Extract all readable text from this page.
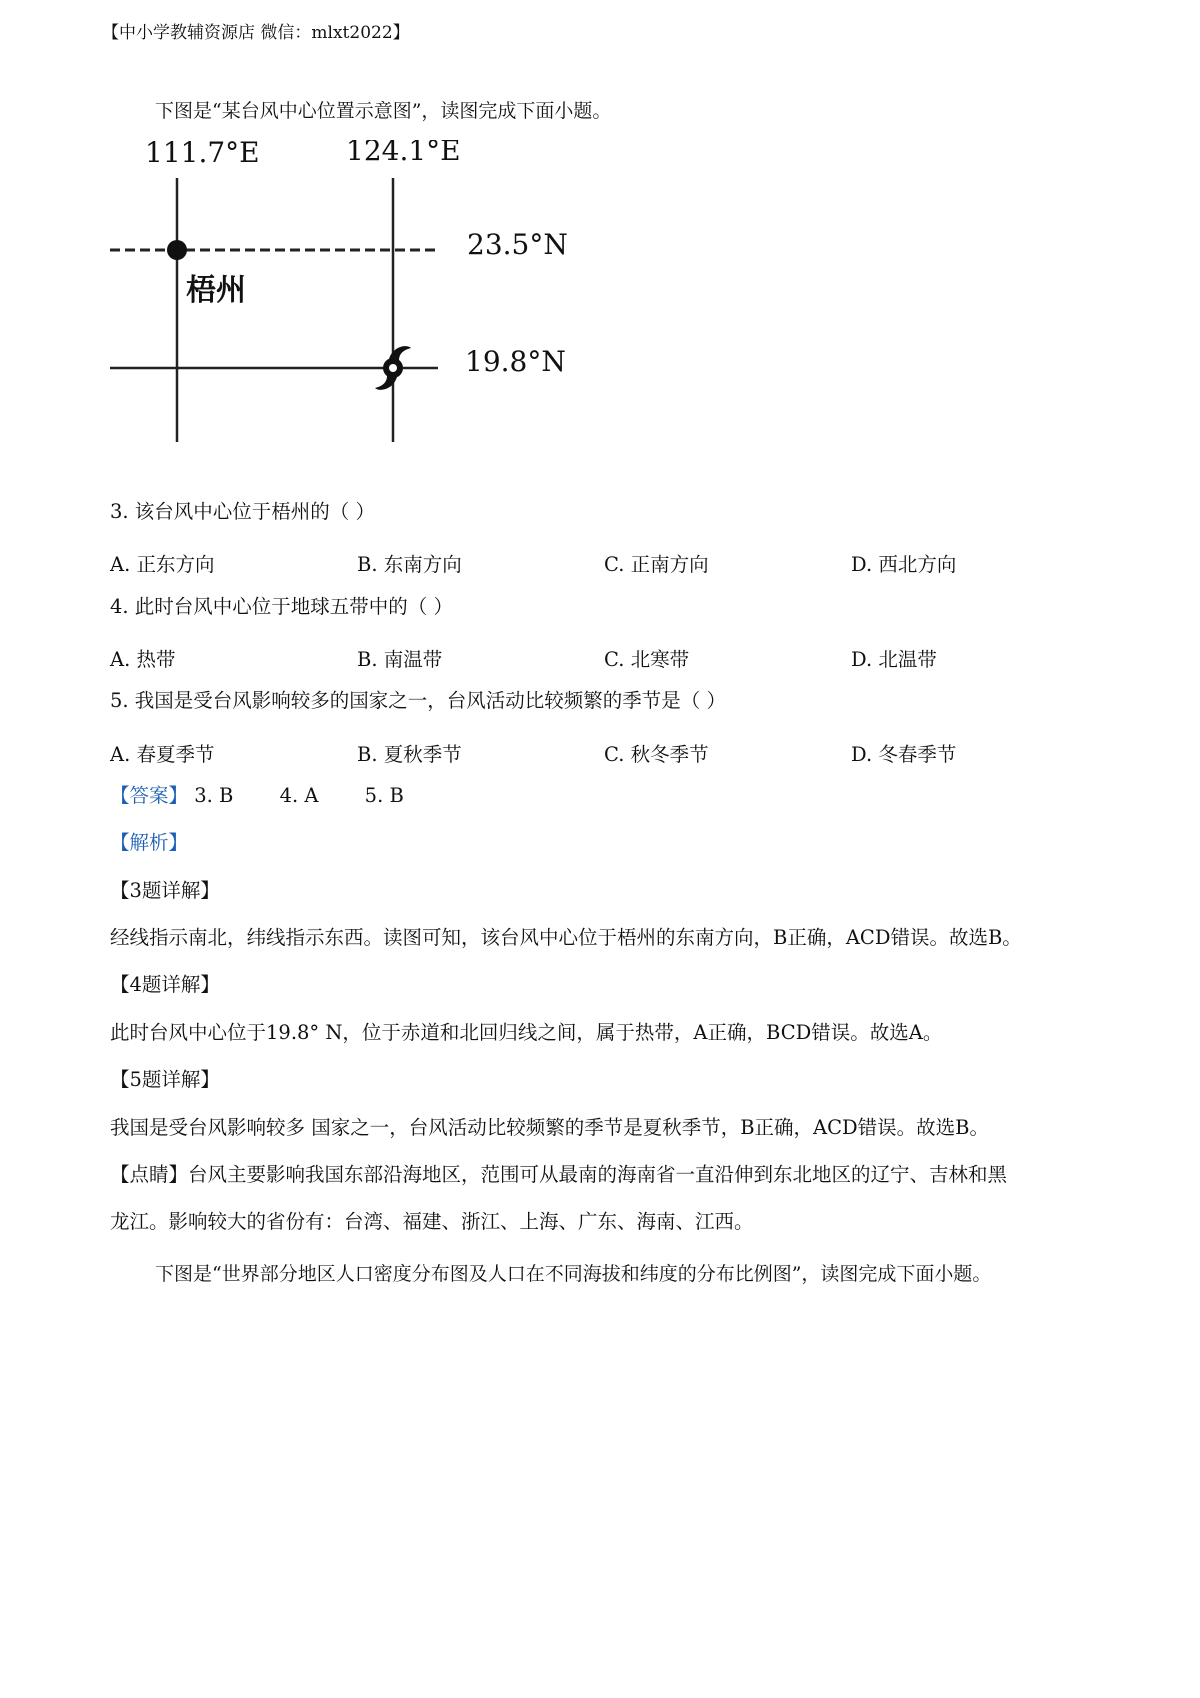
【中小学教辅资源店 微信：mlxt2022】
下图是“某台风中心位置示意图”，读图完成下面小题。
111.7°E	124.1°E
23.5°N
19.8°N
梧州
3. 该台风中心位于梧州的（ ）
A. 正东方向	B. 东南方向	C. 正南方向	D. 西北方向
4. 此时台风中心位于地球五带中的（ ）
A. 热带	B. 南温带	C. 北寒带	D. 北温带
5. 我国是受台风影响较多的国家之一，台风活动比较频繁的季节是（ ）
A. 春夏季节	B. 夏秋季节	C. 秋冬季节	D. 冬春季节
【答案】 3. B 4. A 5. B
【解析】
【3题详解】
经线指示南北，纬线指示东西。读图可知，该台风中心位于梧州的东南方向，B正确，ACD错误。故选B。
【4题详解】
此时台风中心位于19.8° N，位于赤道和北回归线之间，属于热带，A正确，BCD错误。故选A。
【5题详解】
我国是受台风影响较多 国家之一，台风活动比较频繁的季节是夏秋季节，B正确，ACD错误。故选B。
【点睛】台风主要影响我国东部沿海地区，范围可从最南的海南省一直沿伸到东北地区的辽宁、吉林和黑
龙江。影响较大的省份有：台湾、福建、浙江、上海、广东、海南、江西。
下图是“世界部分地区人口密度分布图及人口在不同海拔和纬度的分布比例图”，读图完成下面小题。
